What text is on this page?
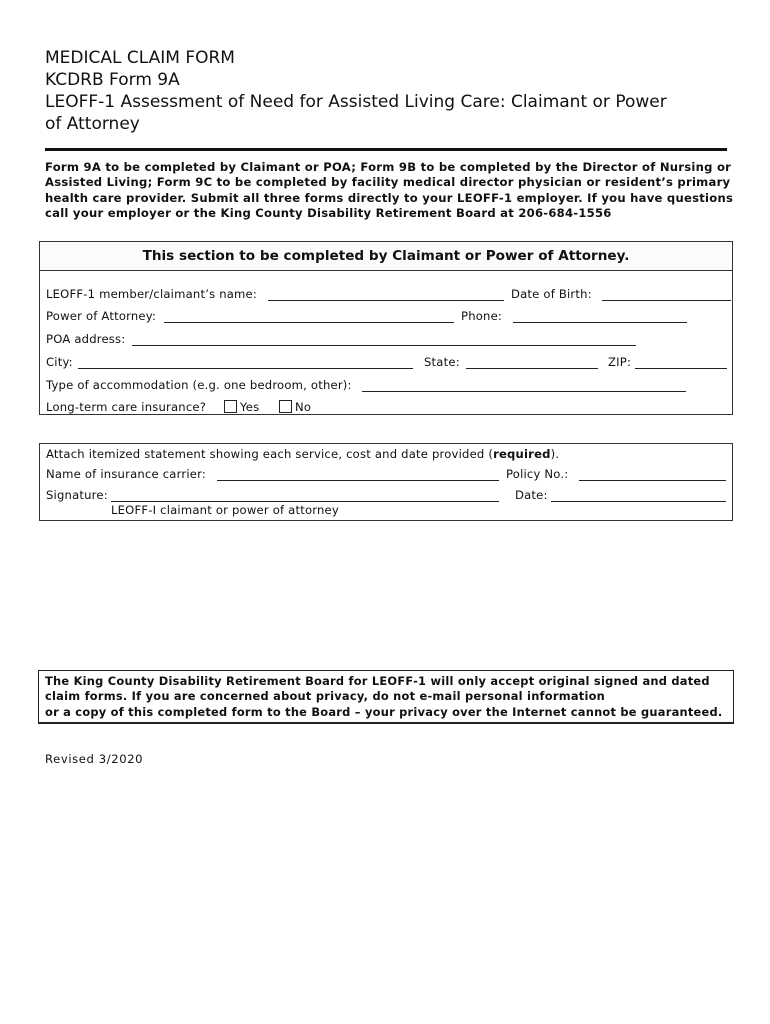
MEDICAL CLAIM FORM
KCDRB Form 9A
LEOFF-1 Assessment of Need for Assisted Living Care: Claimant or Power
of Attorney
Form 9A to be completed by Claimant or POA; Form 9B to be completed by the Director of Nursing or
Assisted Living; Form 9C to be completed by facility medical director physician or resident’s primary
health care provider. Submit all three forms directly to your LEOFF-1 employer. If you have questions
call your employer or the King County Disability Retirement Board at 206-684-1556
This section to be completed by Claimant or Power of Attorney.
LEOFF-1 member/claimant’s name:	Date of Birth:
Power of Attorney:	Phone:
POA address:
City:	State:	ZIP:
Type of accommodation (e.g. one bedroom, other):
Long-term care insurance?	Yes	No
Attach itemized statement showing each service, cost and date provided (required).
Name of insurance carrier:	Policy No.:
Signature:	Date:
LEOFF-I claimant or power of attorney
The King County Disability Retirement Board for LEOFF-1 will only accept original signed and dated
claim forms. If you are concerned about privacy, do not e-mail personal information
or a copy of this completed form to the Board – your privacy over the Internet cannot be guaranteed.
Revised 3/2020
